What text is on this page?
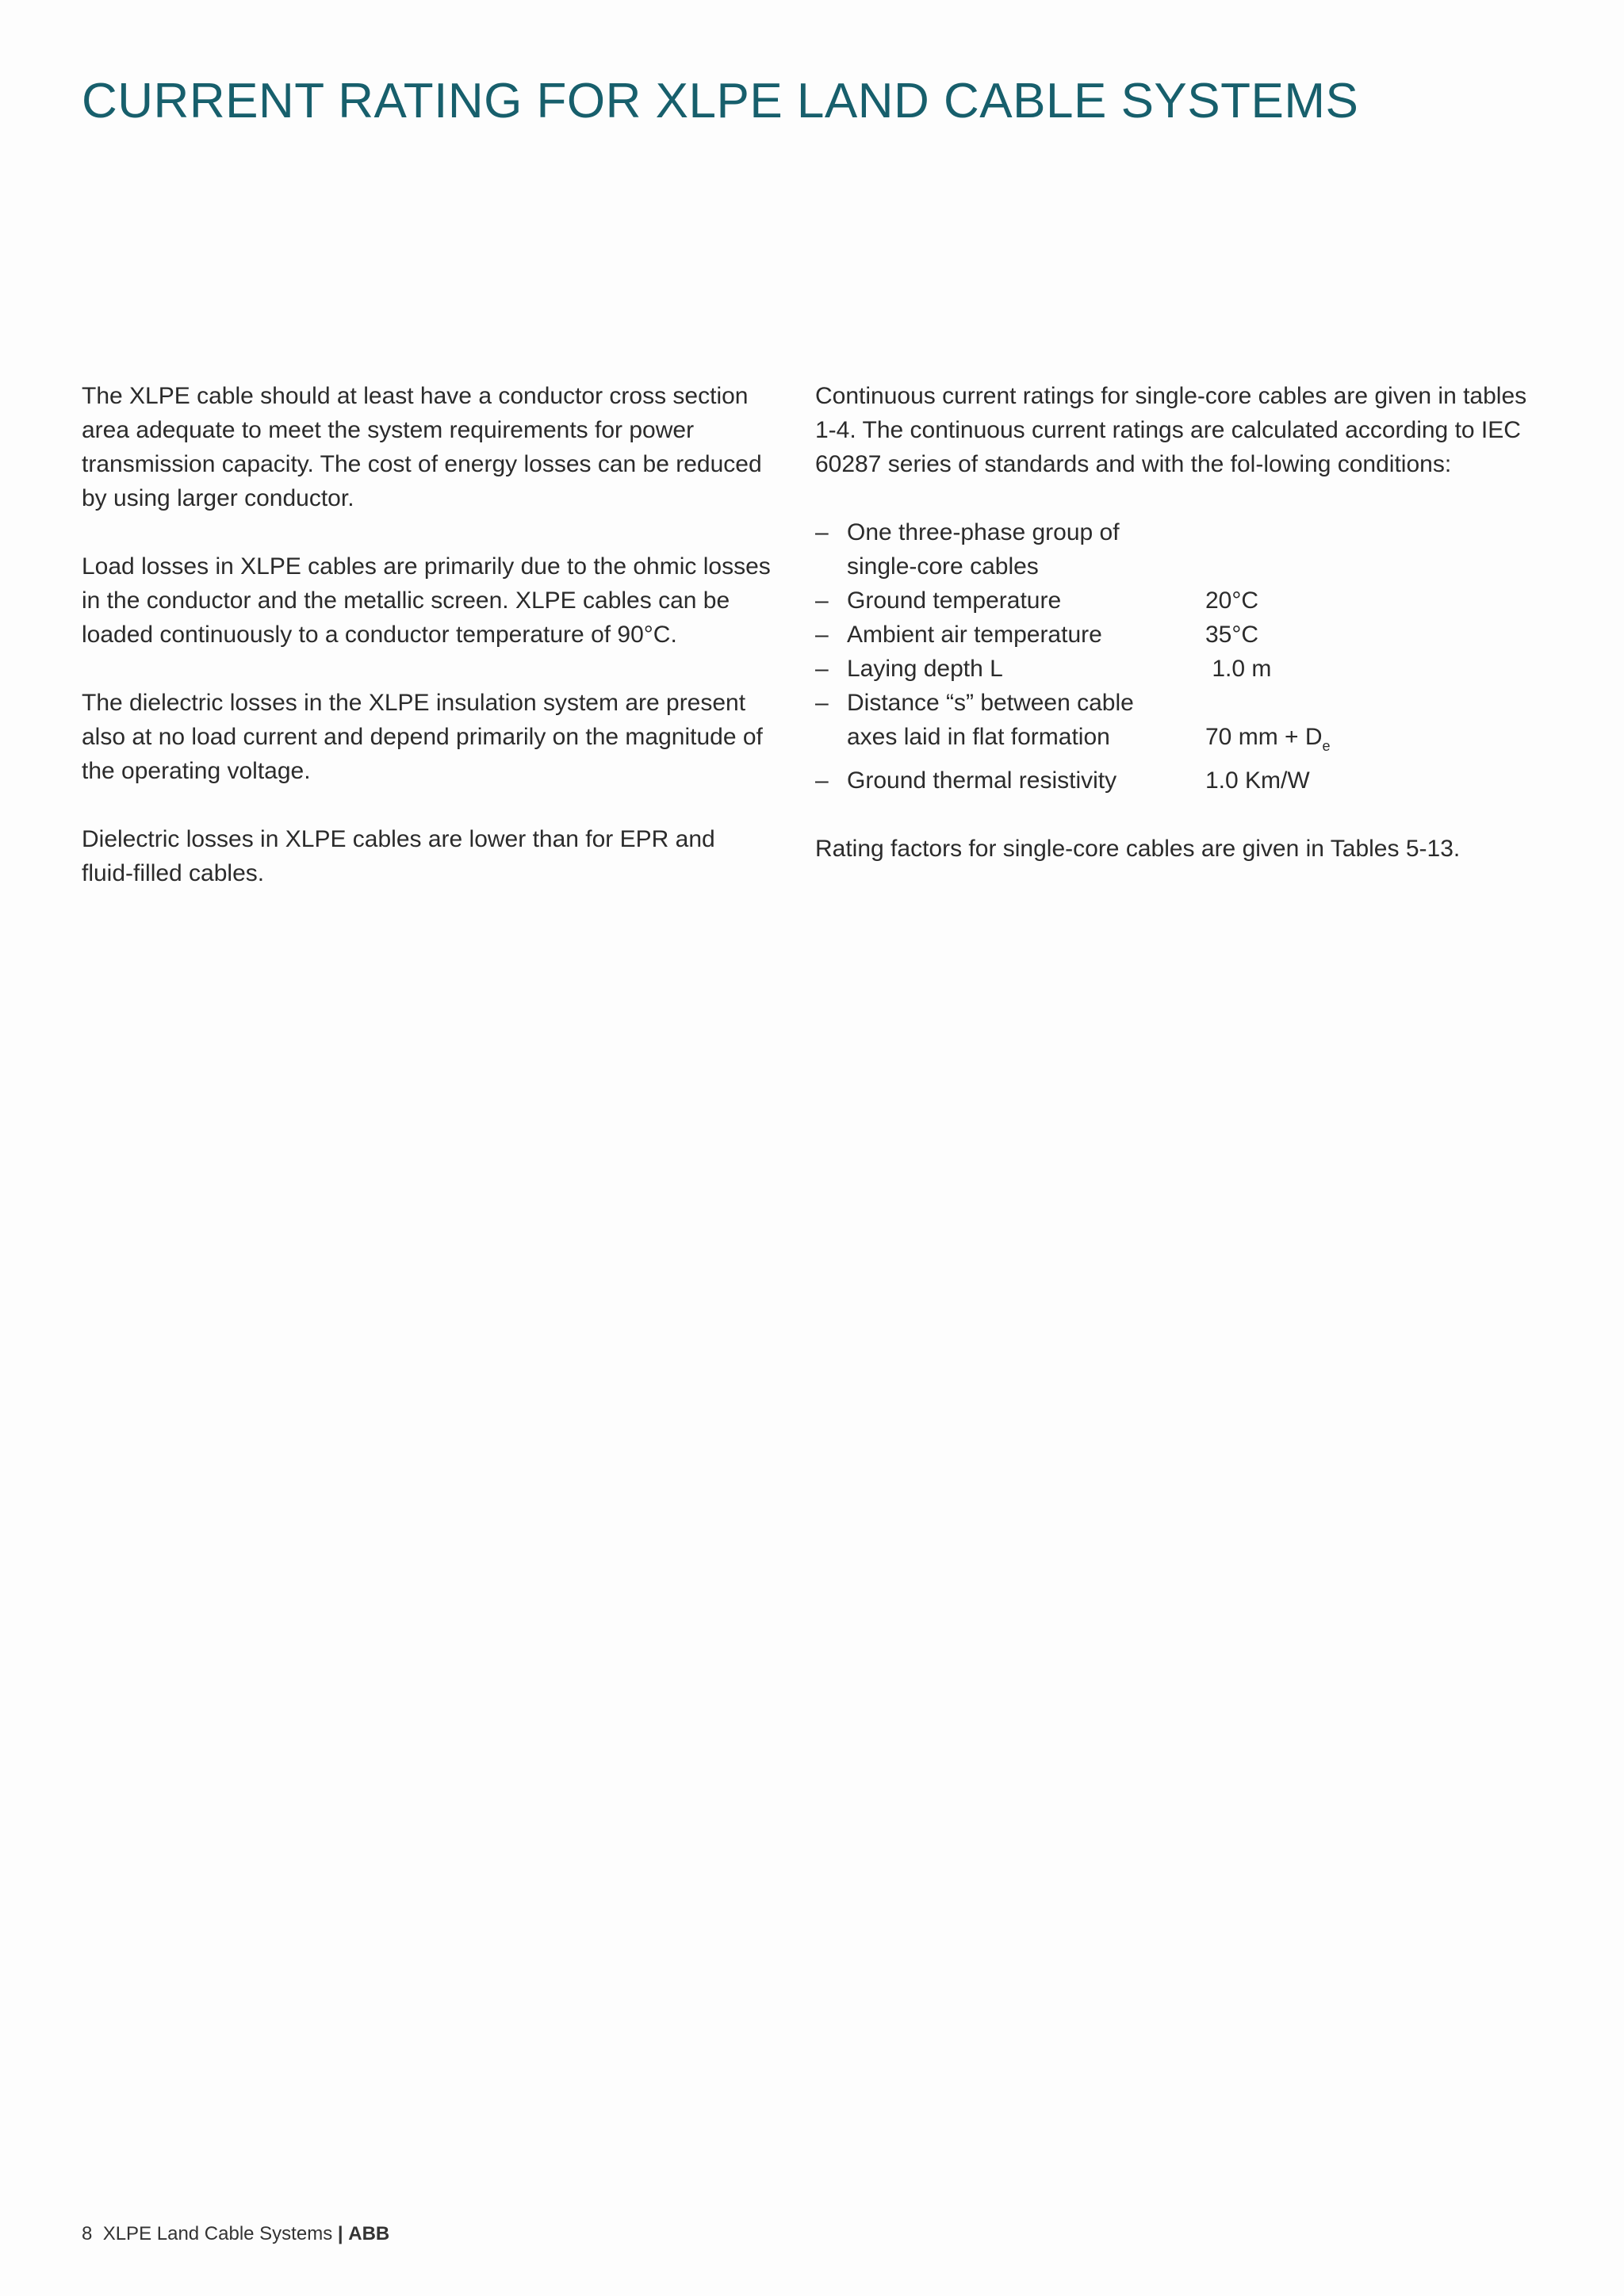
CURRENT RATING FOR XLPE LAND CABLE SYSTEMS

The XLPE cable should at least have a conductor cross section area adequate to meet the system requirements for power transmission capacity. The cost of energy losses can be reduced by using larger conductor.

Load losses in XLPE cables are primarily due to the ohmic losses in the conductor and the metallic screen. XLPE cables can be loaded continuously to a conductor temperature of 90°C.

The dielectric losses in the XLPE insulation system are present also at no load current and depend primarily on the magnitude of the operating voltage.

Dielectric losses in XLPE cables are lower than for EPR and fluid-filled cables.

Continuous current ratings for single-core cables are given in tables 1-4. The continuous current ratings are calculated according to IEC 60287 series of standards and with the fol-lowing conditions:

– One three-phase group of
single-core cables
– Ground temperature	20°C
– Ambient air temperature	35°C
– Laying depth L	1.0 m
– Distance “s” between cable
axes laid in flat formation	70 mm + $D_e$
– Ground thermal resistivity	1.0 Km/W

Rating factors for single-core cables are given in Tables 5-13.

8 XLPE Land Cable Systems | ABB
